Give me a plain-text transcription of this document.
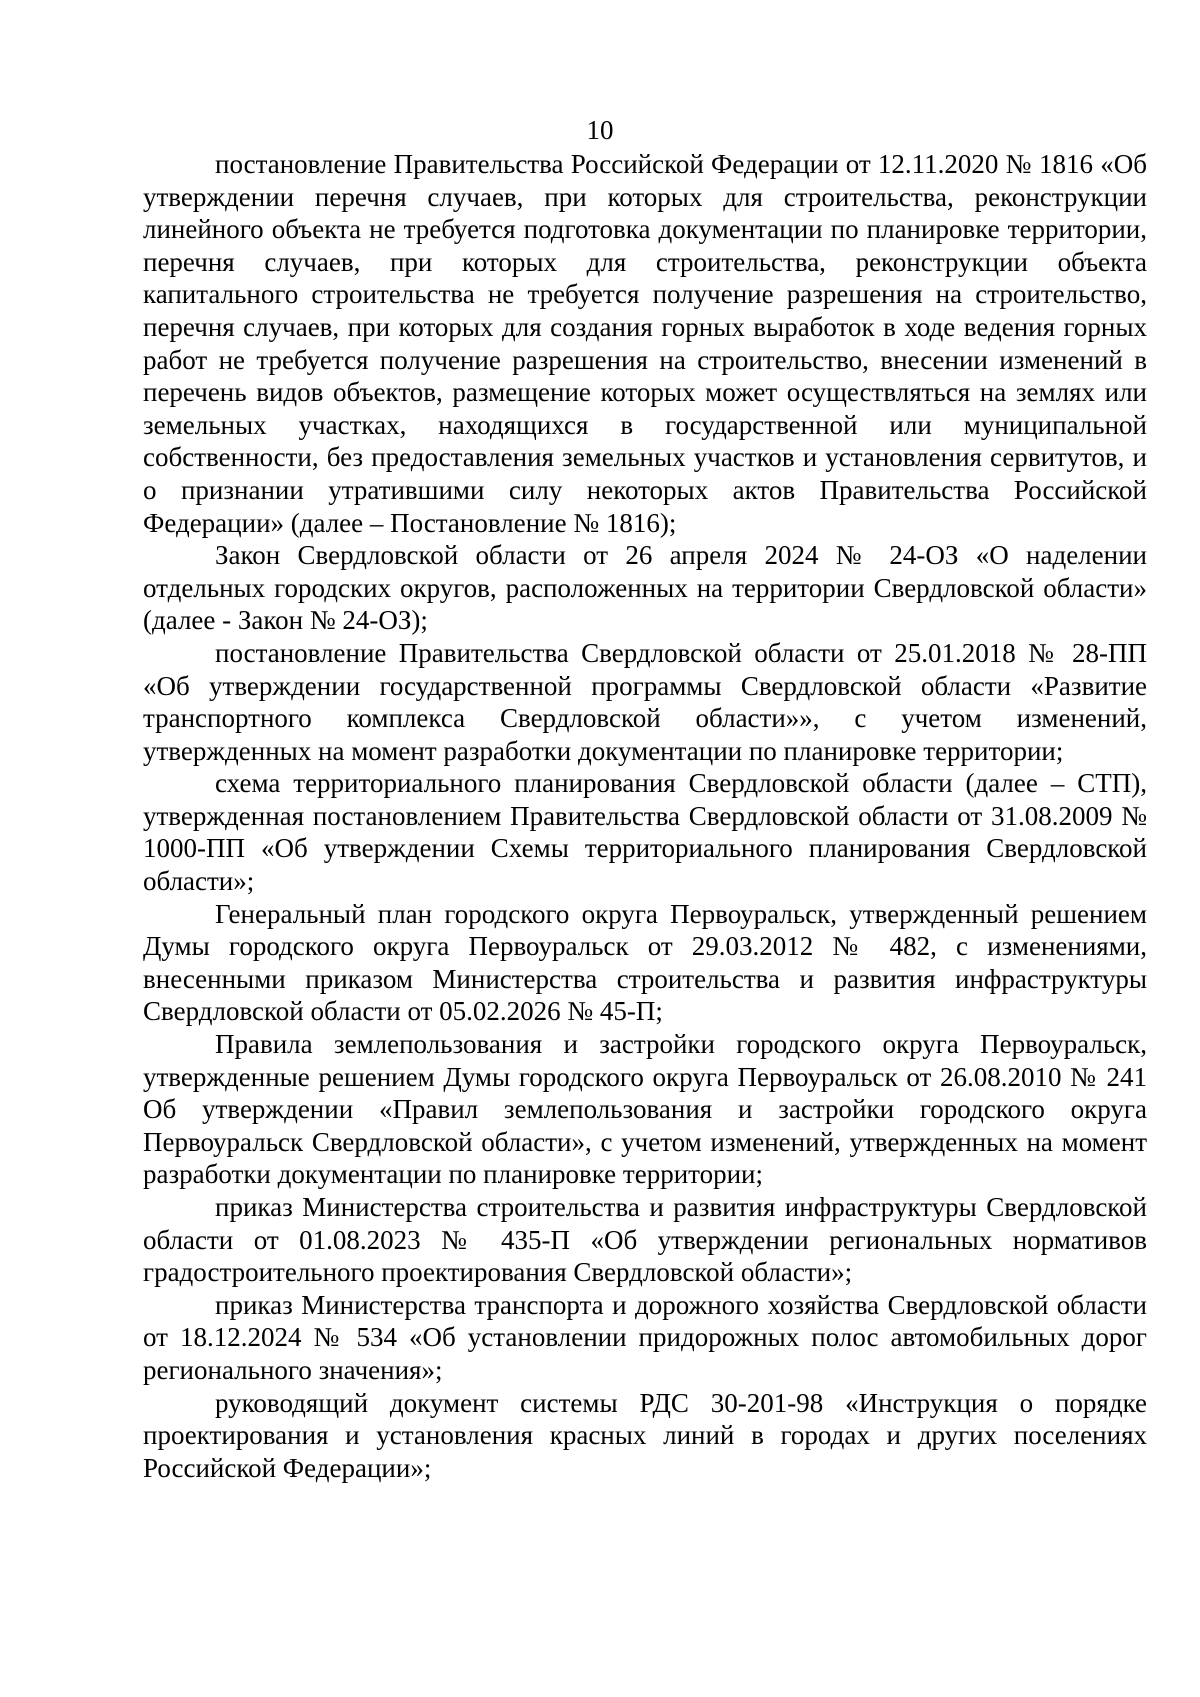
10

постановление Правительства Российской Федерации от 12.11.2020 № 1816 «Об утверждении перечня случаев, при которых для строительства, реконструкции линейного объекта не требуется подготовка документации по планировке территории, перечня случаев, при которых для строительства, реконструкции объекта капитального строительства не требуется получение разрешения на строительство, перечня случаев, при которых для создания горных выработок в ходе ведения горных работ не требуется получение разрешения на строительство, внесении изменений в перечень видов объектов, размещение которых может осуществляться на землях или земельных участках, находящихся в государственной или муниципальной собственности, без предоставления земельных участков и установления сервитутов, и о признании утратившими силу некоторых актов Правительства Российской Федерации» (далее – Постановление № 1816);

Закон Свердловской области от 26 апреля 2024 № 24-ОЗ «О наделении отдельных городских округов, расположенных на территории Свердловской области» (далее - Закон № 24-ОЗ);

постановление Правительства Свердловской области от 25.01.2018 № 28-ПП «Об утверждении государственной программы Свердловской области «Развитие транспортного комплекса Свердловской области»», с учетом изменений, утвержденных на момент разработки документации по планировке территории;

схема территориального планирования Свердловской области (далее – СТП), утвержденная постановлением Правительства Свердловской области от 31.08.2009 № 1000-ПП «Об утверждении Схемы территориального планирования Свердловской области»;

Генеральный план городского округа Первоуральск, утвержденный решением Думы городского округа Первоуральск от 29.03.2012 № 482, с изменениями, внесенными приказом Министерства строительства и развития инфраструктуры Свердловской области от 05.02.2026 № 45-П;

Правила землепользования и застройки городского округа Первоуральск, утвержденные решением Думы городского округа Первоуральск от 26.08.2010 № 241 Об утверждении «Правил землепользования и застройки городского округа Первоуральск Свердловской области», с учетом изменений, утвержденных на момент разработки документации по планировке территории;

приказ Министерства строительства и развития инфраструктуры Свердловской области от 01.08.2023 № 435-П «Об утверждении региональных нормативов градостроительного проектирования Свердловской области»;

приказ Министерства транспорта и дорожного хозяйства Свердловской области от 18.12.2024 № 534 «Об установлении придорожных полос автомобильных дорог регионального значения»;

руководящий документ системы РДС 30-201-98 «Инструкция о порядке проектирования и установления красных линий в городах и других поселениях Российской Федерации»;
